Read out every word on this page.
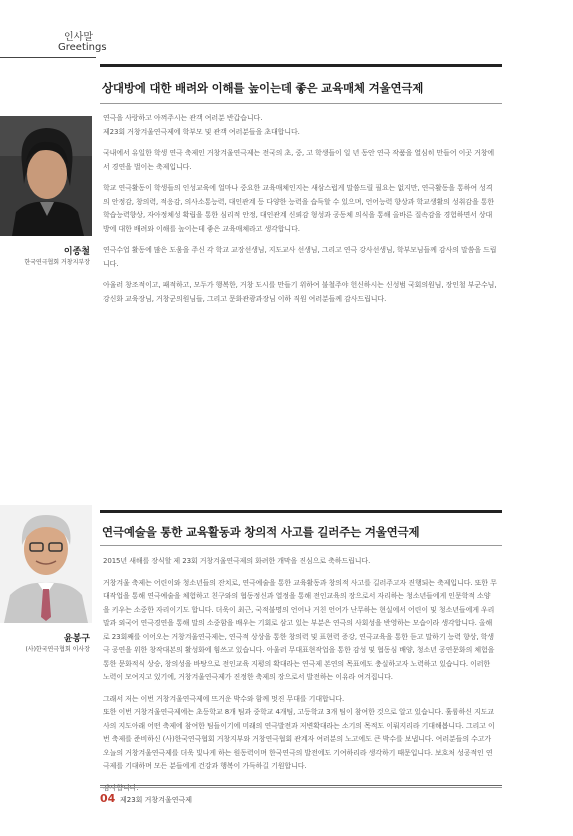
인사말
Greetings
상대방에 대한 배려와 이해를 높이는데 좋은 교육매체 겨울연극제
이종철
한국연극협회 거창지부장

연극을 사랑하고 아껴주시는 관객 여러분 반갑습니다.
제23회 거창겨울연극제에 학부모 및 관객 여러분들을 초대합니다.

국내에서 유일한 학생 연극 축제인 거창겨울연극제는 전국의 초, 중, 고 학생들이 일 년 동안 연극 작품을 열심히 만들어 이곳 거창에서 경연을 벌이는 축제입니다.

학교 연극활동이 학생들의 인성교육에 얼마나 중요한 교육매체인지는 새삼스럽게 말씀드릴 필요는 없지만, 연극활동을 통하여 성격의 안정감, 창의력, 적응감, 의사소통능력, 대인관계 등 다양한 능력을 습득할 수 있으며, 언어능력 향상과 학교생활의 성취감을 통한 학습능력향상, 자아정체성 확립을 통한 심리적 안정, 대인관계 신뢰감 형성과 공동체 의식을 통해 올바른 질속감을 경험하면서 상대방에 대한 배려와 이해를 높이는데 좋은 교육매체라고 생각합니다.

연극수업 활동에 많은 도움을 주신 각 학교 교장선생님, 지도교사 선생님, 그리고 연극 강사선생님, 학부모님들께 감사의 말씀을 드립니다.

아울러 창조적이고, 패적하고, 모두가 행복한, 거창 도시를 만들기 위하여 불철주야 헌신하시는 신성범 국회의원님, 장인철 부군수님, 강신화 교육장님, 거창군의원님들, 그리고 문화관광과장님 이하 직원 여러분들께 감사드립니다.

연극예술을 통한 교육활동과 창의적 사고를 길러주는 겨울연극제
윤봉구
(사)한국연극협회 이사장

2015년 새해를 장식할 제 23회 거창겨울연극제의 화려한 개막을 진심으로 축하드립니다.

거창겨울 축제는 어린이와 청소년들의 잔치로, 연극예술을 통한 교육활동과 창의적 사고를 길러주고자 진행되는 축제입니다. 또한 무대작업을 통해 연극예술을 체험하고 친구와의 협동정신과 열정을 통해 전인교육의 장으로서 자리하는 청소년들에게 인문학적 소양을 키우는 소중한 자리이기도 합니다. 더욱이 최근, 국적불명의 언어나 거친 언어가 난무하는 현실에서 어린이 및 청소년들에게 우리말과 외국어 연극경연을 통해 말의 소중함을 배우는 기회로 삼고 있는 부분은 연극의 사회성을 반영하는 모습이라 생각합니다. 올해로 23회째를 이어오는 거창겨울연극제는, 연극적 상상을 통한 창의력 및 표현력 증강, 연극교육을 통한 듣고 말하기 능력 향상, 학생극 공연을 위한 창작대본의 활성화에 힘쓰고 있습니다. 아울러 무대표현작업을 통한 감성 및 협동심 배양, 청소년 공연문화의 체험을 통한 문화적식 상승, 창의성을 바탕으로 전인교육 지평의 확대라는 연극제 본연의 목표에도 충실하고자 노력하고 있습니다. 이러한 노력이 모여지고 있기에, 거창겨울연극제가 진정한 축제의 장으로서 발전하는 이유라 여겨집니다.

그래서 저는 이번 거창겨울연극제에 뜨거운 박수와 함께 멋진 무대를 기대합니다.
또한 이번 거창겨울연극제에는 초등학교 8개 팀과 중학교 4개팀, 고등학교 3개 팀이 참여한 것으로 알고 있습니다. 훌륭하신 지도교사의 지도아래 어떤 축제에 참여한 팀들이기에 미래의 연극발전과 저변확대라는 소기의 목적도 이뤄지리라 기대해봅니다. 그리고 이번 축제를 준비하신 (사)한국연극협회 거창지부와 거창연극협회 관계자 여러분의 노고에도 큰 박수를 보냅니다. 여러분들의 수고가 오늘의 거창겨울연극제를 더욱 빛나게 하는 원동력이며 한국연극의 발전에도 기여하리라 생각하기 때문입니다. 보호처 성공적인 연극제를 기대하며 모든 분들에게 건강과 행복이 가득하길 기원합니다.

04 제23회 거창겨울연극제
